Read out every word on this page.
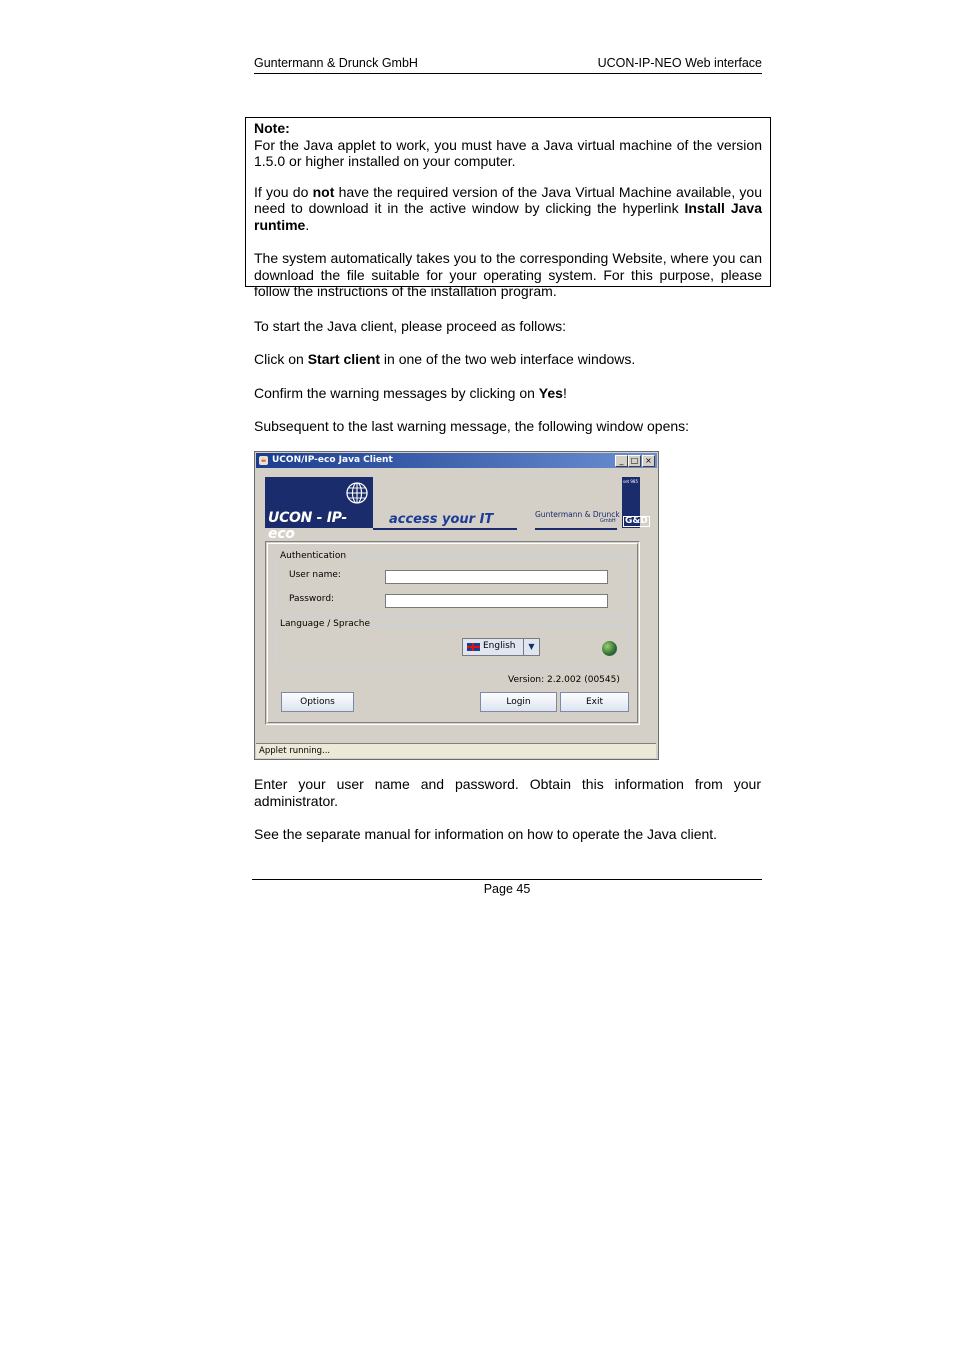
Guntermann & Drunck GmbH	UCON-IP-NEO Web interface

Note:

For the Java applet to work, you must have a Java virtual machine of the version 1.5.0 or higher installed on your computer.

If you do not have the required version of the Java Virtual Machine available, you need to download it in the active window by clicking the hyperlink Install Java runtime.

The system automatically takes you to the corresponding Website, where you can download the file suitable for your operating system. For this purpose, please follow the instructions of the installation program.

To start the Java client, please proceed as follows:

Click on Start client in one of the two web interface windows.

Confirm the warning messages by clicking on Yes!

Subsequent to the last warning message, the following window opens:

☕ UCON/IP-eco Java Client	_ □ ×
UCON - IP-eco
access your IT	Guntermann & Drunck
GmbH
set 985
G&D
Authentication
User name:
Password:
Language / Sprache
English	▼
Version: 2.2.002 (00545)
Options	Login	Exit
Applet running...

Enter your user name and password. Obtain this information from your administrator.

See the separate manual for information on how to operate the Java client.

Page 45
